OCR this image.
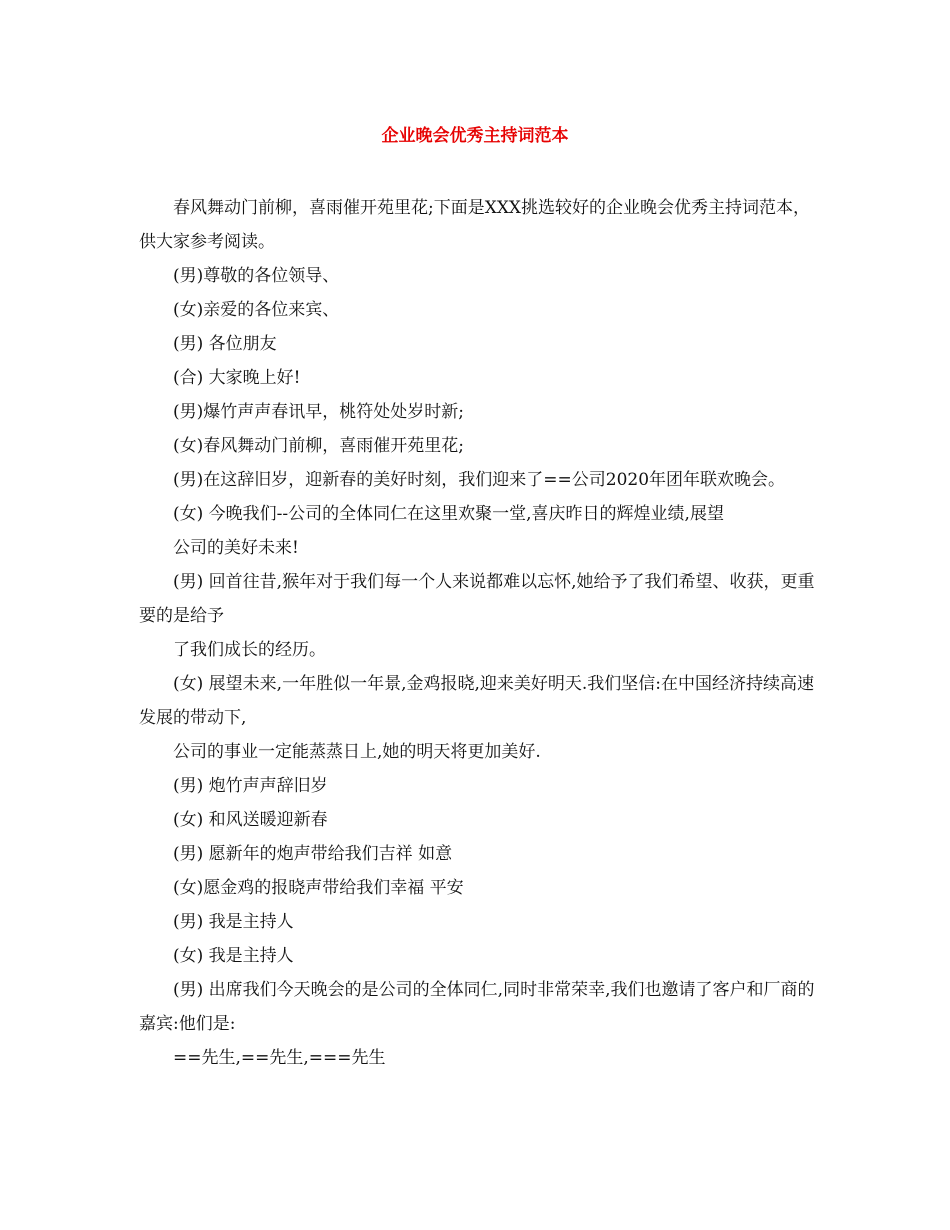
企业晚会优秀主持词范本

春风舞动门前柳，喜雨催开苑里花;下面是XXX挑选较好的企业晚会优秀主持词范本，供大家参考阅读。

(男)尊敬的各位领导、

(女)亲爱的各位来宾、

(男) 各位朋友

(合) 大家晚上好!

(男)爆竹声声春讯早，桃符处处岁时新;

(女)春风舞动门前柳，喜雨催开苑里花;

(男)在这辞旧岁，迎新春的美好时刻，我们迎来了==公司2020年团年联欢晚会。

(女) 今晚我们--公司的全体同仁在这里欢聚一堂,喜庆昨日的辉煌业绩,展望

公司的美好未来!

(男) 回首往昔,猴年对于我们每一个人来说都难以忘怀,她给予了我们希望、收获，更重要的是给予

了我们成长的经历。

(女) 展望未来,一年胜似一年景,金鸡报晓,迎来美好明天.我们坚信:在中国经济持续高速发展的带动下,

公司的事业一定能蒸蒸日上,她的明天将更加美好.

(男) 炮竹声声辞旧岁

(女) 和风送暖迎新春

(男) 愿新年的炮声带给我们吉祥 如意

(女)愿金鸡的报晓声带给我们幸福 平安

(男) 我是主持人

(女) 我是主持人

(男) 出席我们今天晚会的是公司的全体同仁,同时非常荣幸,我们也邀请了客户和厂商的嘉宾:他们是:

==先生,==先生,===先生
